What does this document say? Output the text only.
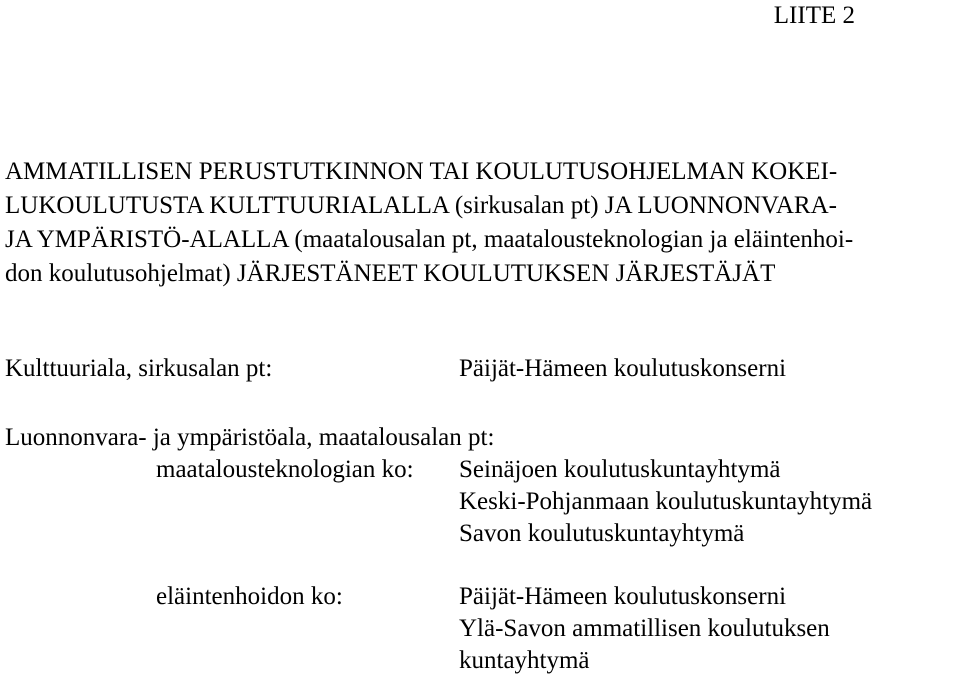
LIITE 2
AMMATILLISEN PERUSTUTKINNON TAI KOULUTUSOHJELMAN KOKEI-
LUKOULUTUSTA KULTTUURIALALLA (sirkusalan pt) JA LUONNONVARA-
JA YMPÄRISTÖ-ALALLA (maatalousalan pt, maatalousteknologian ja eläintenhoi-
don koulutusohjelmat) JÄRJESTÄNEET KOULUTUKSEN JÄRJESTÄJÄT
Kulttuuriala, sirkusalan pt:	Päijät-Hämeen koulutuskonserni
Luonnonvara- ja ympäristöala, maatalousalan pt:
maatalousteknologian ko: Seinäjoen koulutuskuntayhtymä
Keski-Pohjanmaan koulutuskuntayhtymä
Savon koulutuskuntayhtymä
eläintenhoidon ko:	Päijät-Hämeen koulutuskonserni
Ylä-Savon ammatillisen koulutuksen
kuntayhtymä
